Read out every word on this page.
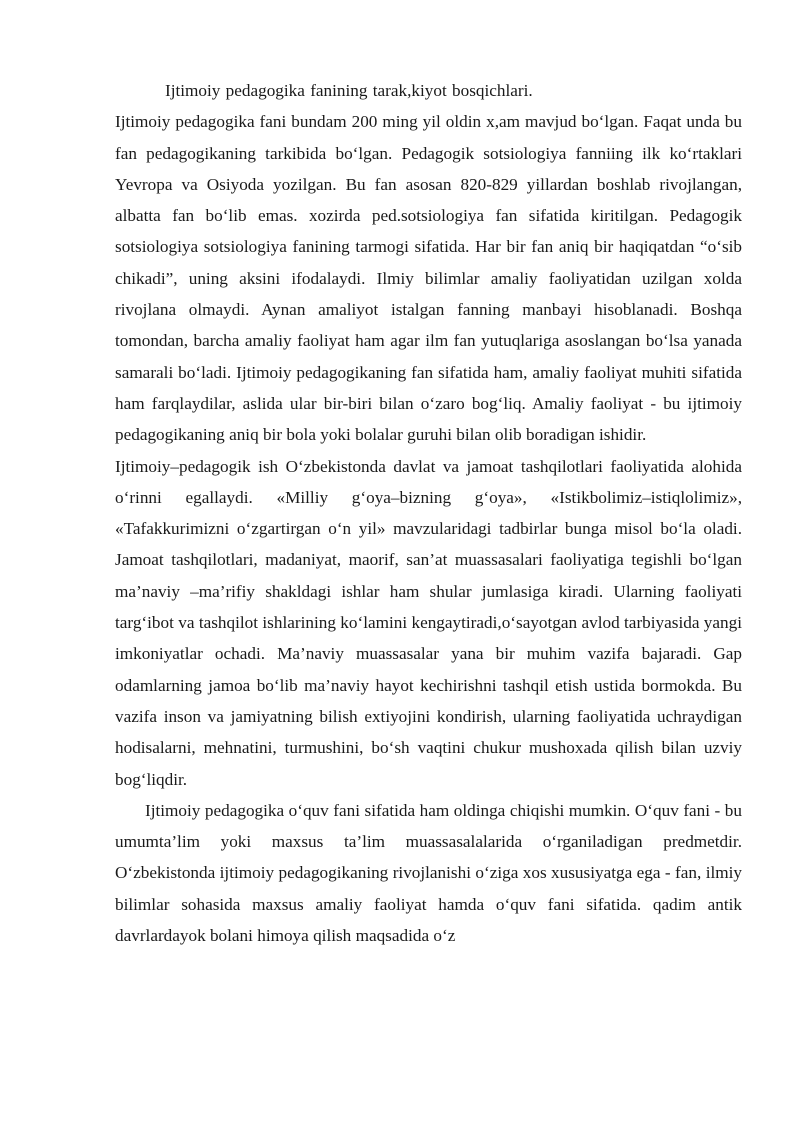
Ijtimoiy pedagogika fanining tarak,kiyot bosqichlari.

Ijtimoiy pedagogika fani bundam 200 ming yil oldin x,am mavjud bo‘lgan. Faqat unda bu fan pedagogikaning tarkibida bo‘lgan. Pedagogik sotsiologiya fanniing ilk ko‘rtaklari Yevropa va Osiyoda yozilgan. Bu fan asosan 820-829 yillardan boshlab rivojlangan, albatta fan bo‘lib emas. xozirda ped.sotsiologiya fan sifatida kiritilgan. Pedagogik sotsiologiya sotsiologiya fanining tarmogi sifatida. Har bir fan aniq bir haqiqatdan “o‘sib chikadi”, uning aksini ifodalaydi. Ilmiy bilimlar amaliy faoliyatidan uzilgan xolda rivojlana olmaydi. Aynan amaliyot istalgan fanning manbayi hisoblanadi. Boshqa tomondan, barcha amaliy faoliyat ham agar ilm fan yutuqlariga asoslangan bo‘lsa yanada samarali bo‘ladi. Ijtimoiy pedagogikaning fan sifatida ham, amaliy faoliyat muhiti sifatida ham farqlaydilar, aslida ular bir-biri bilan o‘zaro bog‘liq. Amaliy faoliyat - bu ijtimoiy pedagogikaning aniq bir bola yoki bolalar guruhi bilan olib boradigan ishidir.

Ijtimoiy–pedagogik ish O‘zbekistonda davlat va jamoat tashqilotlari faoliyatida alohida o‘rinni egallaydi. «Milliy g‘oya–bizning g‘oya», «Istikbolimiz–istiqlolimiz», «Tafakkurimizni o‘zgartirgan o‘n yil» mavzularidagi tadbirlar bunga misol bo‘la oladi. Jamoat tashqilotlari, madaniyat, maorif, san’at muassasalari faoliyatiga tegishli bo‘lgan ma’naviy –ma’rifiy shakldagi ishlar ham shular jumlasiga kiradi. Ularning faoliyati targ‘ibot va tashqilot ishlarining ko‘lamini kengaytiradi,o‘sayotgan avlod tarbiyasida yangi imkoniyatlar ochadi. Ma’naviy muassasalar yana bir muhim vazifa bajaradi. Gap odamlarning jamoa bo‘lib ma’naviy hayot kechirishni tashqil etish ustida bormokda. Bu vazifa inson va jamiyatning bilish extiyojini kondirish, ularning faoliyatida uchraydigan hodisalarni, mehnatini, turmushini, bo‘sh vaqtini chukur mushoxada qilish bilan uzviy bog‘liqdir.

Ijtimoiy pedagogika o‘quv fani sifatida ham oldinga chiqishi mumkin. O‘quv fani - bu umumta’lim yoki maxsus ta’lim muassasalalarida o‘rganiladigan predmetdir. O‘zbekistonda ijtimoiy pedagogikaning rivojlanishi o‘ziga xos xususiyatga ega - fan, ilmiy bilimlar sohasida maxsus amaliy faoliyat hamda o‘quv fani sifatida. qadim antik davrlardayok bolani himoya qilish maqsadida o‘z
